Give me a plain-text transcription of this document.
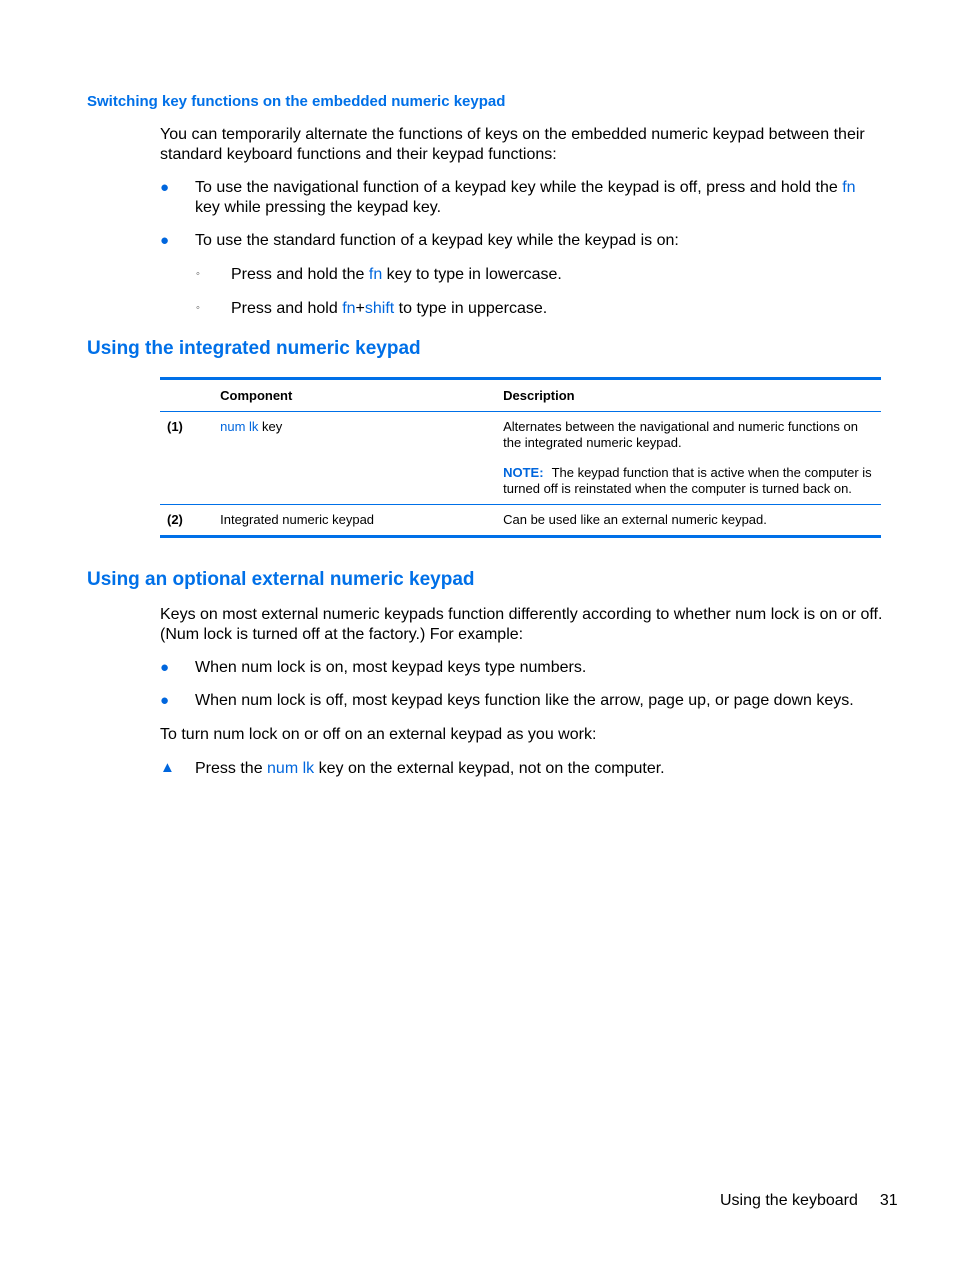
Switching key functions on the embedded numeric keypad
You can temporarily alternate the functions of keys on the embedded numeric keypad between their standard keyboard functions and their keypad functions:
● To use the navigational function of a keypad key while the keypad is off, press and hold the fn key while pressing the keypad key.
● To use the standard function of a keypad key while the keypad is on:
◦ Press and hold the fn key to type in lowercase.
◦ Press and hold fn+shift to type in uppercase.
Using the integrated numeric keypad
	Component	Description
(1)	num lk key	Alternates between the navigational and numeric functions on the integrated numeric keypad.
NOTE: The keypad function that is active when the computer is turned off is reinstated when the computer is turned back on.

(2)	Integrated numeric keypad	Can be used like an external numeric keypad.
Using an optional external numeric keypad
Keys on most external numeric keypads function differently according to whether num lock is on or off. (Num lock is turned off at the factory.) For example:
● When num lock is on, most keypad keys type numbers.
● When num lock is off, most keypad keys function like the arrow, page up, or page down keys.
To turn num lock on or off on an external keypad as you work:
▲ Press the num lk key on the external keypad, not on the computer.
Using the keyboard 31
